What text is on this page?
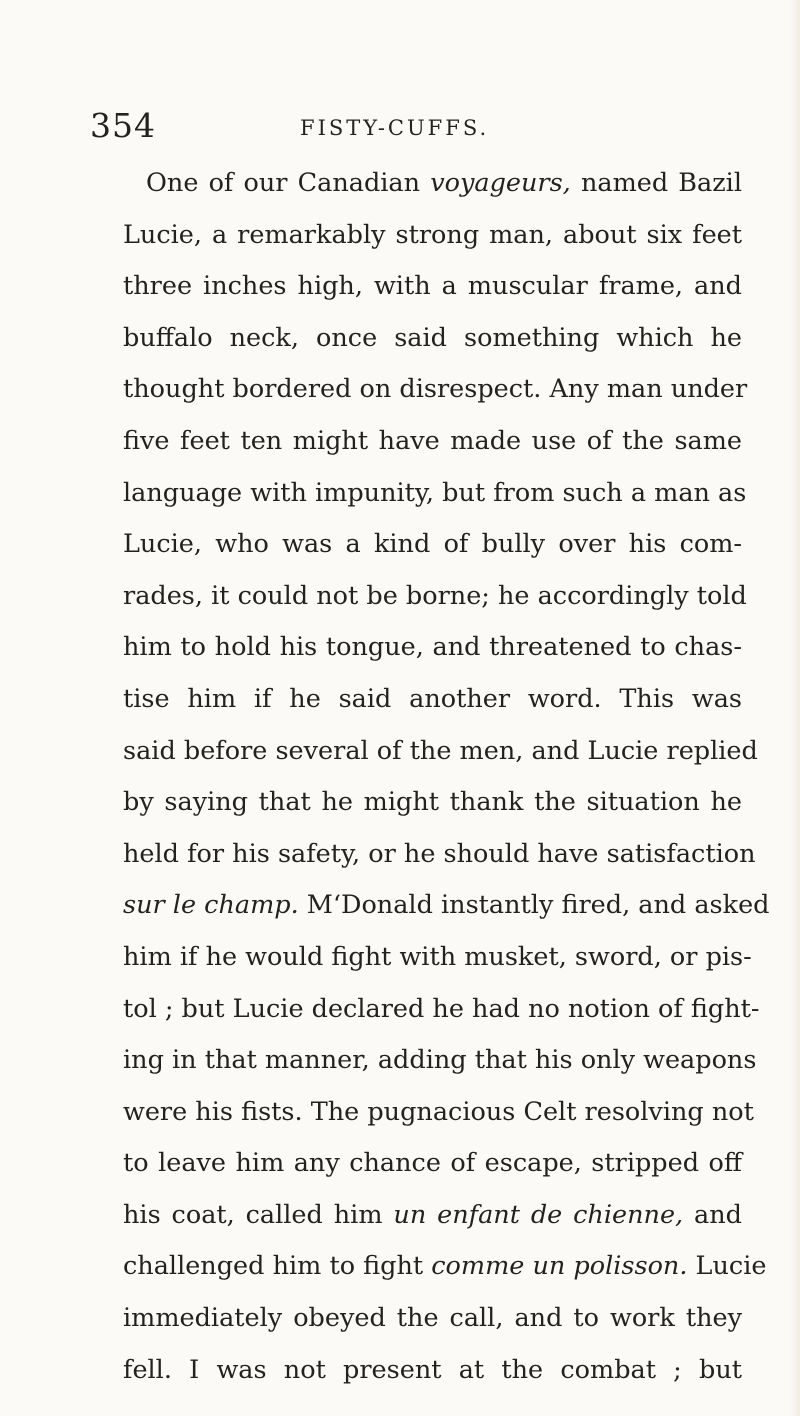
354	FISTY-CUFFS.
One of our Canadian voyageurs, named Bazil
Lucie, a remarkably strong man, about six feet
three inches high, with a muscular frame, and
buffalo neck, once said something which he
thought bordered on disrespect. Any man under
five feet ten might have made use of the same
language with impunity, but from such a man as
Lucie, who was a kind of bully over his com-
rades, it could not be borne; he accordingly told
him to hold his tongue, and threatened to chas-
tise him if he said another word. This was
said before several of the men, and Lucie replied
by saying that he might thank the situation he
held for his safety, or he should have satisfaction
sur le champ. M‘Donald instantly fired, and asked
him if he would fight with musket, sword, or pis-
tol ; but Lucie declared he had no notion of fight-
ing in that manner, adding that his only weapons
were his fists. The pugnacious Celt resolving not
to leave him any chance of escape, stripped off
his coat, called him un enfant de chienne, and
challenged him to fight comme un polisson. Lucie
immediately obeyed the call, and to work they
fell. I was not present at the combat ; but
